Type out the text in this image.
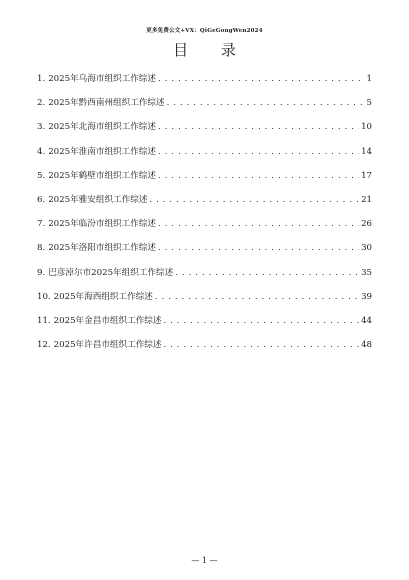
更多免费公文+VX：QiGeGongWen2024
目 录
1. 2025年乌海市组织工作综述 . . .	1
2. 2025年黔西南州组织工作综述 . . .	5
3. 2025年北海市组织工作综述 . . .	10
4. 2025年淮南市组织工作综述 . . .	14
5. 2025年鹤壁市组织工作综述 . . .	17
6. 2025年雅安组织工作综述 . . .	21
7. 2025年临汾市组织工作综述 . . .	26
8. 2025年洛阳市组织工作综述 . . .	30
9. 巴彦淖尔市2025年组织工作综述 . . .	35
10. 2025年海西组织工作综述 . . .	39
11. 2025年金昌市组织工作综述 . . .	44
12. 2025年许昌市组织工作综述 . . .	48
— 1 —
